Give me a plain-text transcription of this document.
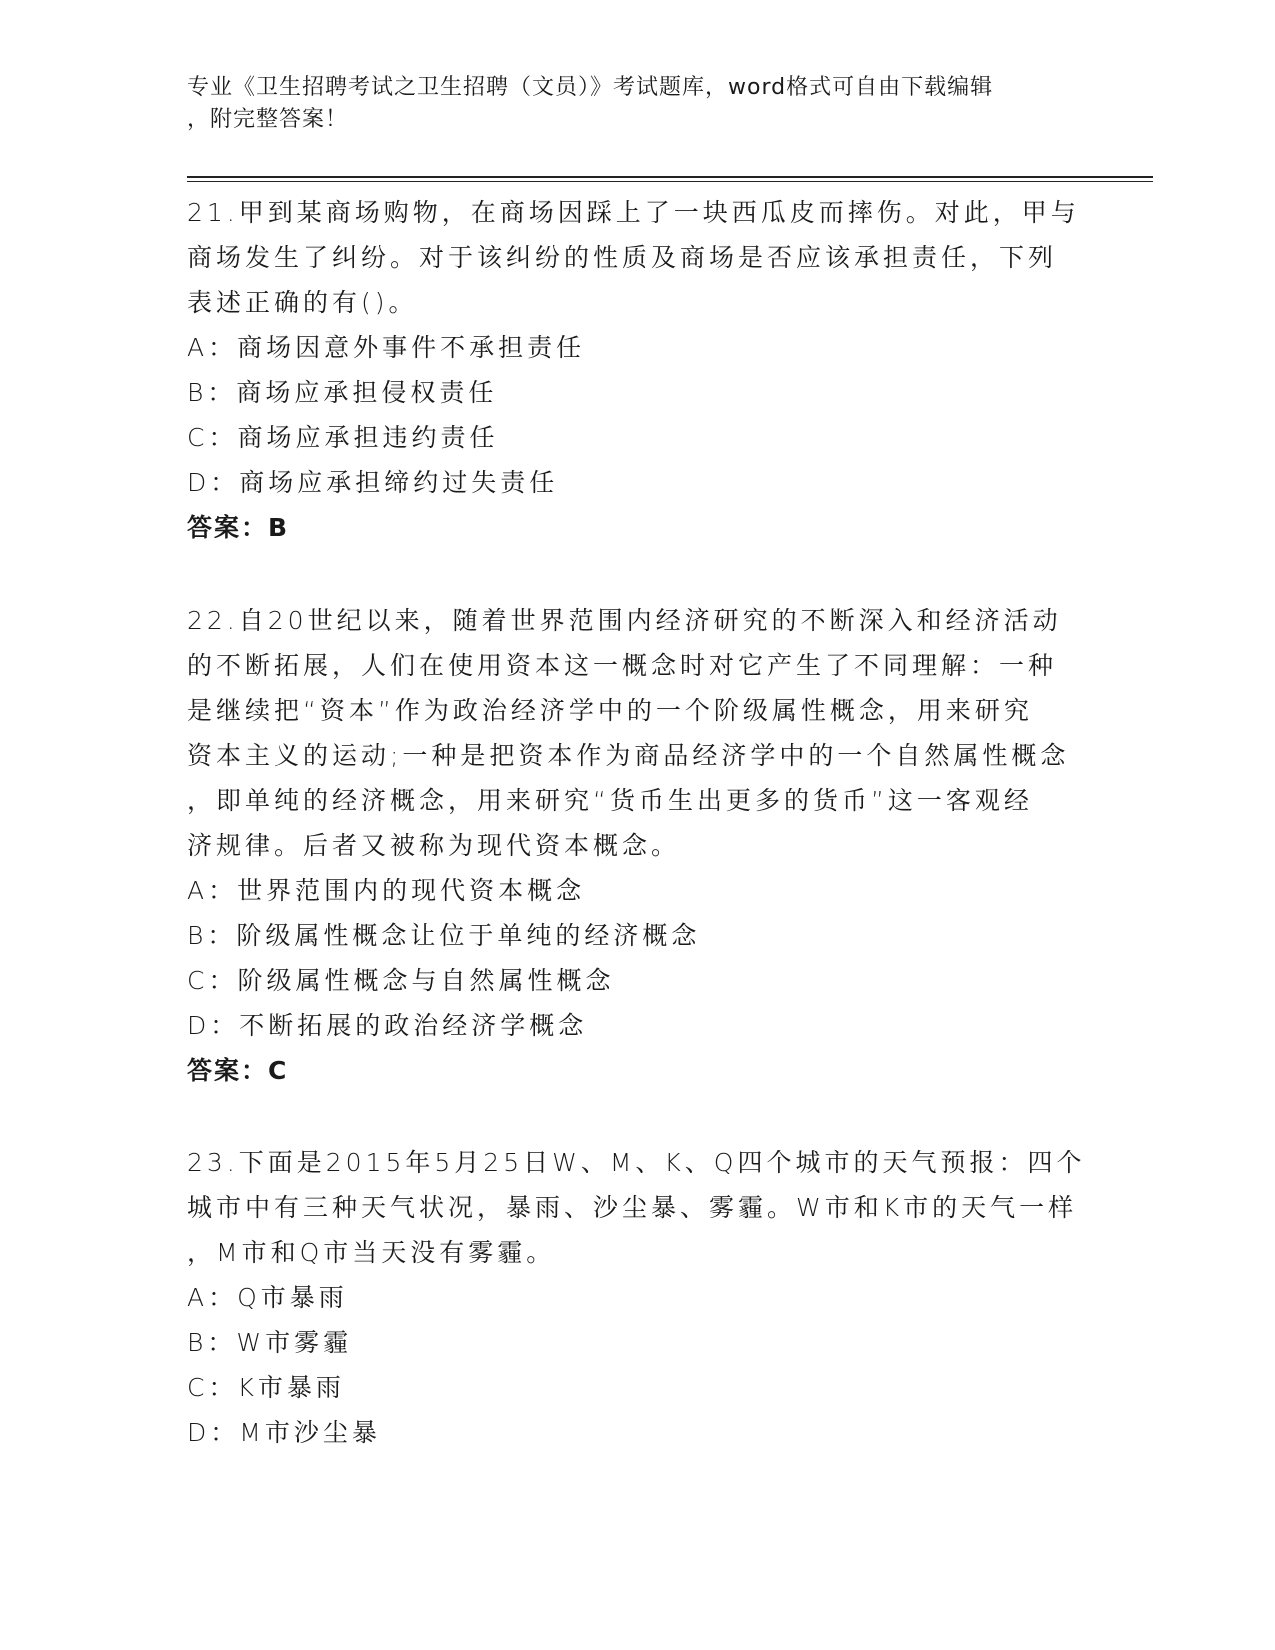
专业《卫生招聘考试之卫生招聘（文员）》考试题库，word格式可自由下载编辑
，附完整答案！

21.甲到某商场购物，在商场因踩上了一块西瓜皮而摔伤。对此，甲与

商场发生了纠纷。对于该纠纷的性质及商场是否应该承担责任，下列

表述正确的有()。

A：商场因意外事件不承担责任

B：商场应承担侵权责任

C：商场应承担违约责任

D：商场应承担缔约过失责任

答案：B

22.自20世纪以来，随着世界范围内经济研究的不断深入和经济活动

的不断拓展，人们在使用资本这一概念时对它产生了不同理解：一种

是继续把“资本”作为政治经济学中的一个阶级属性概念，用来研究

资本主义的运动;一种是把资本作为商品经济学中的一个自然属性概念

，即单纯的经济概念，用来研究“货币生出更多的货币”这一客观经

济规律。后者又被称为现代资本概念。

A：世界范围内的现代资本概念

B：阶级属性概念让位于单纯的经济概念

C：阶级属性概念与自然属性概念

D：不断拓展的政治经济学概念

答案：C

23.下面是2015年5月25日W、M、K、Q四个城市的天气预报：四个

城市中有三种天气状况，暴雨、沙尘暴、雾霾。W市和K市的天气一样

，M市和Q市当天没有雾霾。

A：Q市暴雨

B：W市雾霾

C：K市暴雨

D：M市沙尘暴
